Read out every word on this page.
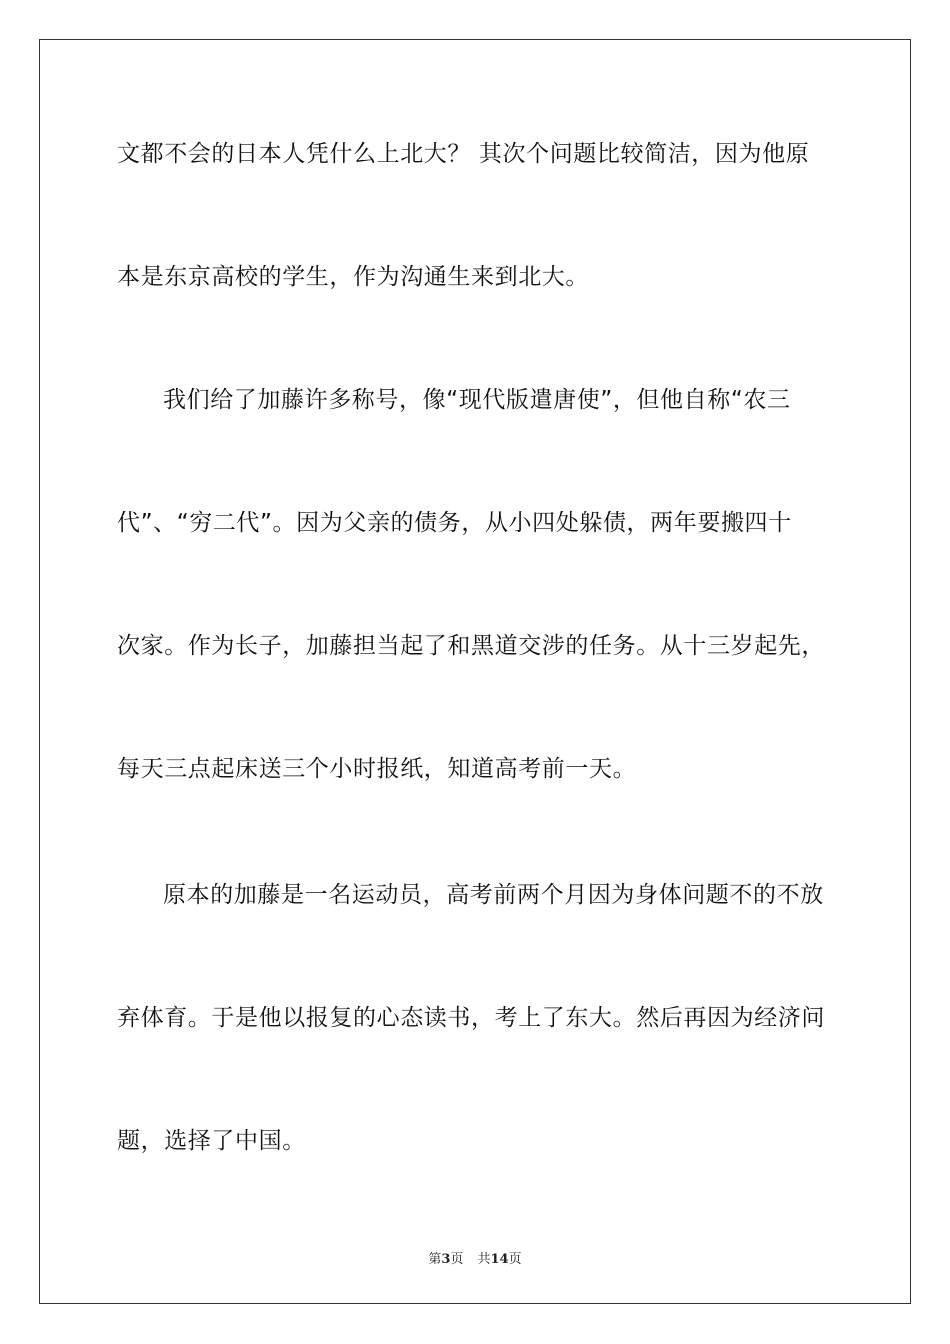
文都不会的日本人凭什么上北大？ 其次个问题比较简洁，因为他原
本是东京高校的学生，作为沟通生来到北大。
我们给了加藤许多称号，像“现代版遣唐使”，但他自称“农三
代”、“穷二代”。因为父亲的债务，从小四处躲债，两年要搬四十
次家。作为长子，加藤担当起了和黑道交涉的任务。从十三岁起先，
每天三点起床送三个小时报纸，知道高考前一天。
原本的加藤是一名运动员，高考前两个月因为身体问题不的不放
弃体育。于是他以报复的心态读书，考上了东大。然后再因为经济问
题，选择了中国。
第3页 共14页
